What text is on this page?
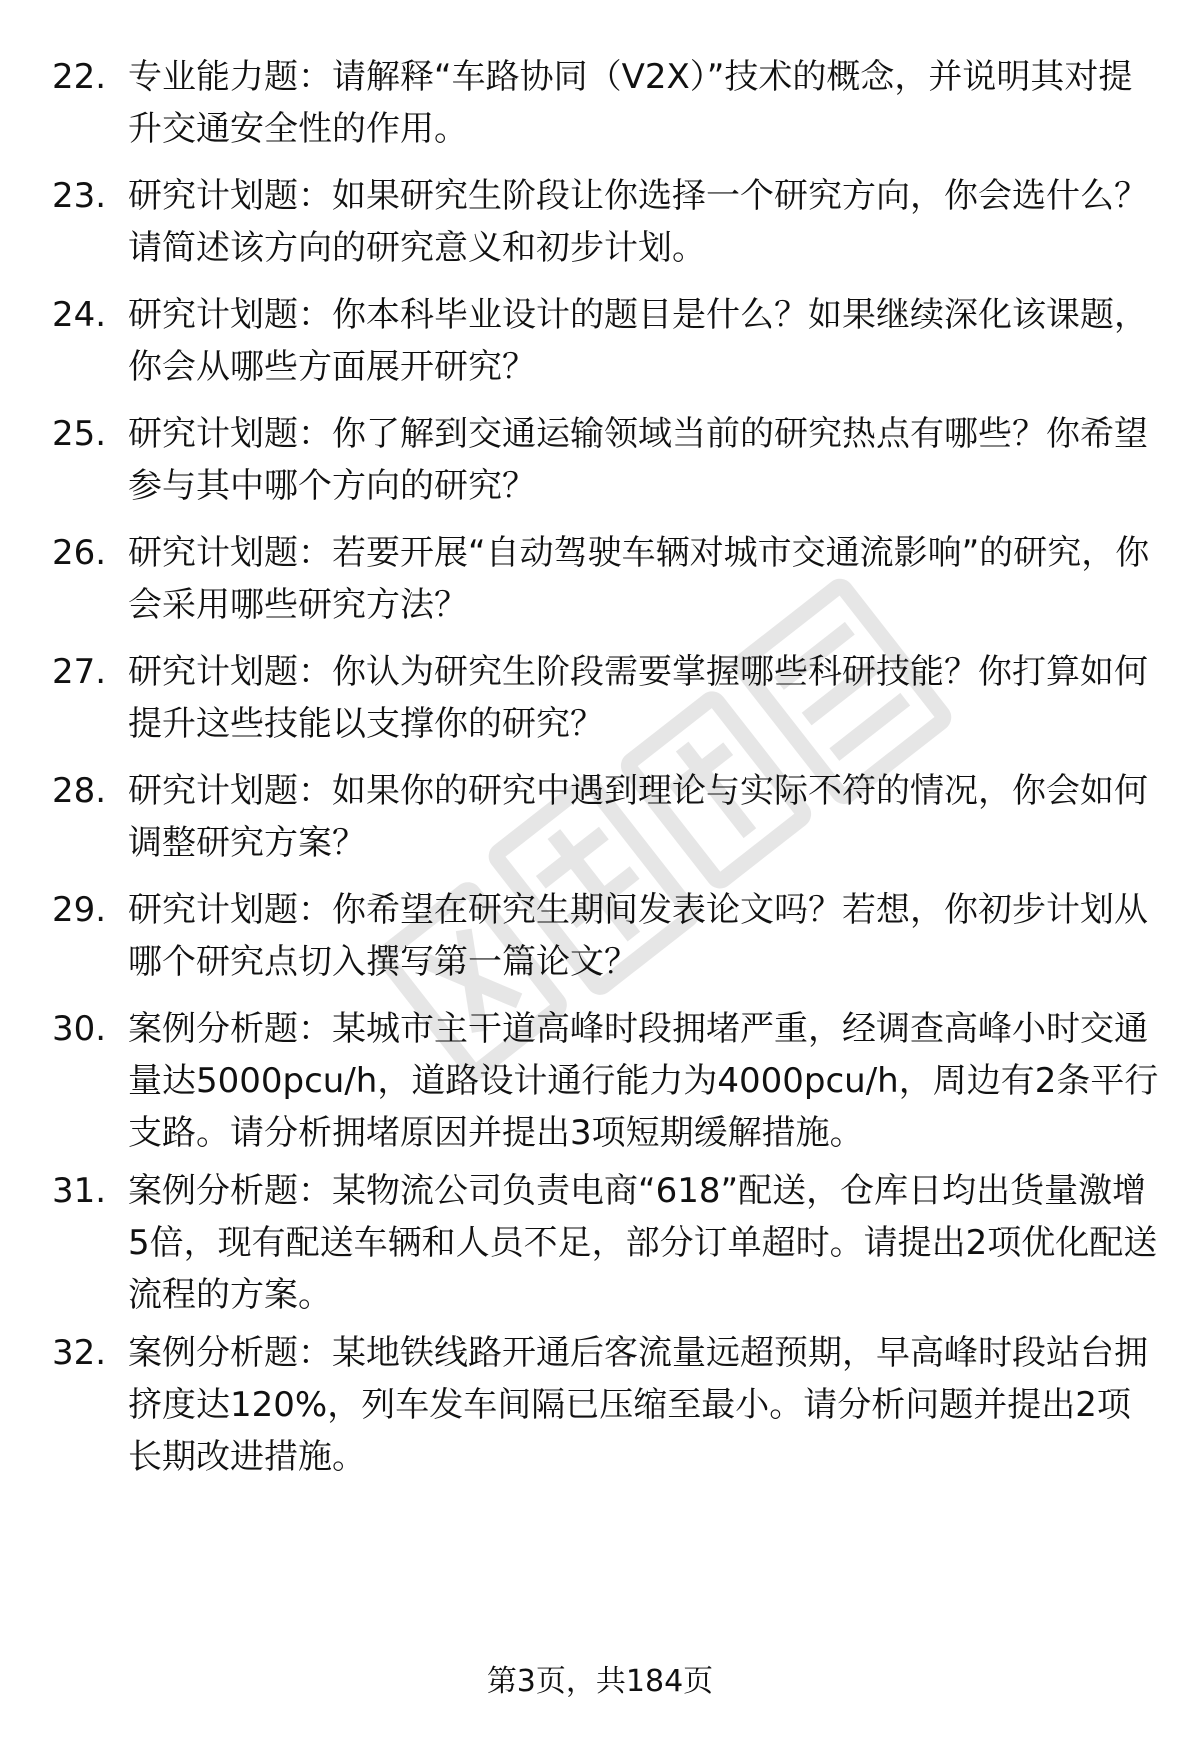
22. 专业能力题：请解释“车路协同（V2X）”技术的概念，并说明其对提升交通安全性的作用。
23. 研究计划题：如果研究生阶段让你选择一个研究方向，你会选什么？请简述该方向的研究意义和初步计划。
24. 研究计划题：你本科毕业设计的题目是什么？如果继续深化该课题，你会从哪些方面展开研究？
25. 研究计划题：你了解到交通运输领域当前的研究热点有哪些？你希望参与其中哪个方向的研究？
26. 研究计划题：若要开展“自动驾驶车辆对城市交通流影响”的研究，你会采用哪些研究方法？
27. 研究计划题：你认为研究生阶段需要掌握哪些科研技能？你打算如何提升这些技能以支撑你的研究？
28. 研究计划题：如果你的研究中遇到理论与实际不符的情况，你会如何调整研究方案？
29. 研究计划题：你希望在研究生期间发表论文吗？若想，你初步计划从哪个研究点切入撰写第一篇论文？
30. 案例分析题：某城市主干道高峰时段拥堵严重，经调查高峰小时交通量达5000pcu/h，道路设计通行能力为4000pcu/h，周边有2条平行支路。请分析拥堵原因并提出3项短期缓解措施。
31. 案例分析题：某物流公司负责电商“618”配送，仓库日均出货量激增5倍，现有配送车辆和人员不足，部分订单超时。请提出2项优化配送流程的方案。
32. 案例分析题：某地铁线路开通后客流量远超预期，早高峰时段站台拥挤度达120%，列车发车间隔已压缩至最小。请分析问题并提出2项长期改进措施。
第3页，共184页
